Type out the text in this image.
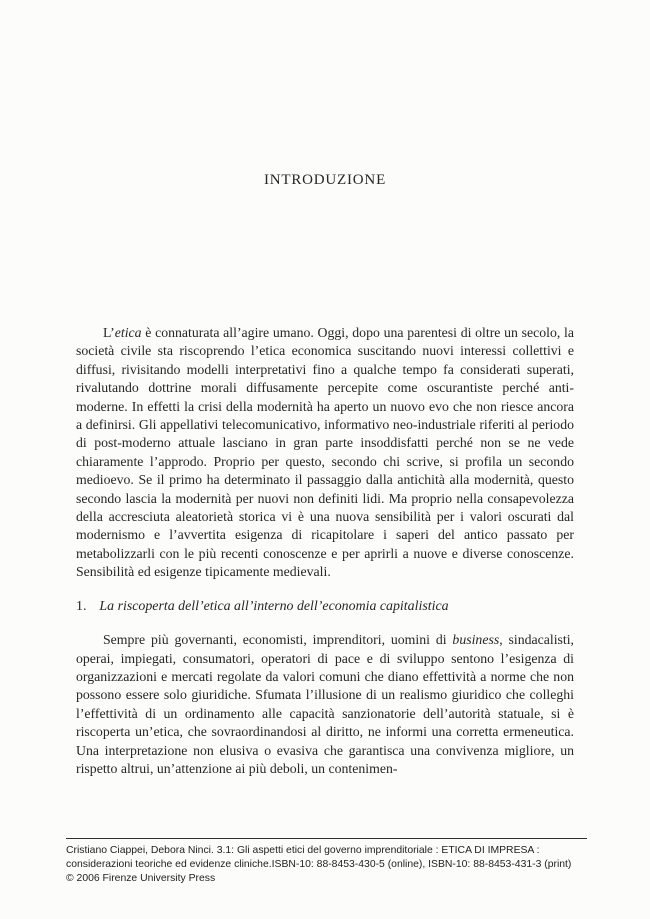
INTRODUZIONE

L’etica è connaturata all’agire umano. Oggi, dopo una parentesi di oltre un secolo, la società civile sta riscoprendo l’etica economica suscitando nuovi interessi collettivi e diffusi, rivisitando modelli interpretativi fino a qualche tempo fa considerati superati, rivalutando dottrine morali diffusamente percepite come oscurantiste perché anti-moderne. In effetti la crisi della modernità ha aperto un nuovo evo che non riesce ancora a definirsi. Gli appellativi telecomunicativo, informativo neo-industriale riferiti al periodo di post-moderno attuale lasciano in gran parte insoddisfatti perché non se ne vede chiaramente l’approdo. Proprio per questo, secondo chi scrive, si profila un secondo medioevo. Se il primo ha determinato il passaggio dalla antichità alla modernità, questo secondo lascia la modernità per nuovi non definiti lidi. Ma proprio nella consapevolezza della accresciuta aleatorietà storica vi è una nuova sensibilità per i valori oscurati dal modernismo e l’avvertita esigenza di ricapitolare i saperi del antico passato per metabolizzarli con le più recenti conoscenze e per aprirli a nuove e diverse conoscenze. Sensibilità ed esigenze tipicamente medievali.

1. La riscoperta dell’etica all’interno dell’economia capitalistica

Sempre più governanti, economisti, imprenditori, uomini di business, sindacalisti, operai, impiegati, consumatori, operatori di pace e di sviluppo sentono l’esigenza di organizzazioni e mercati regolate da valori comuni che diano effettività a norme che non possono essere solo giuridiche. Sfumata l’illusione di un realismo giuridico che colleghi l’effettività di un ordinamento alle capacità sanzionatorie dell’autorità statuale, si è riscoperta un’etica, che sovraordinandosi al diritto, ne informi una corretta ermeneutica. Una interpretazione non elusiva o evasiva che garantisca una convivenza migliore, un rispetto altrui, un’attenzione ai più deboli, un contenimen-

Cristiano Ciappei, Debora Ninci. 3.1: Gli aspetti etici del governo imprenditoriale : ETICA DI IMPRESA :
considerazioni teoriche ed evidenze cliniche.ISBN-10: 88-8453-430-5 (online), ISBN-10: 88-8453-431-3 (print)
© 2006 Firenze University Press
